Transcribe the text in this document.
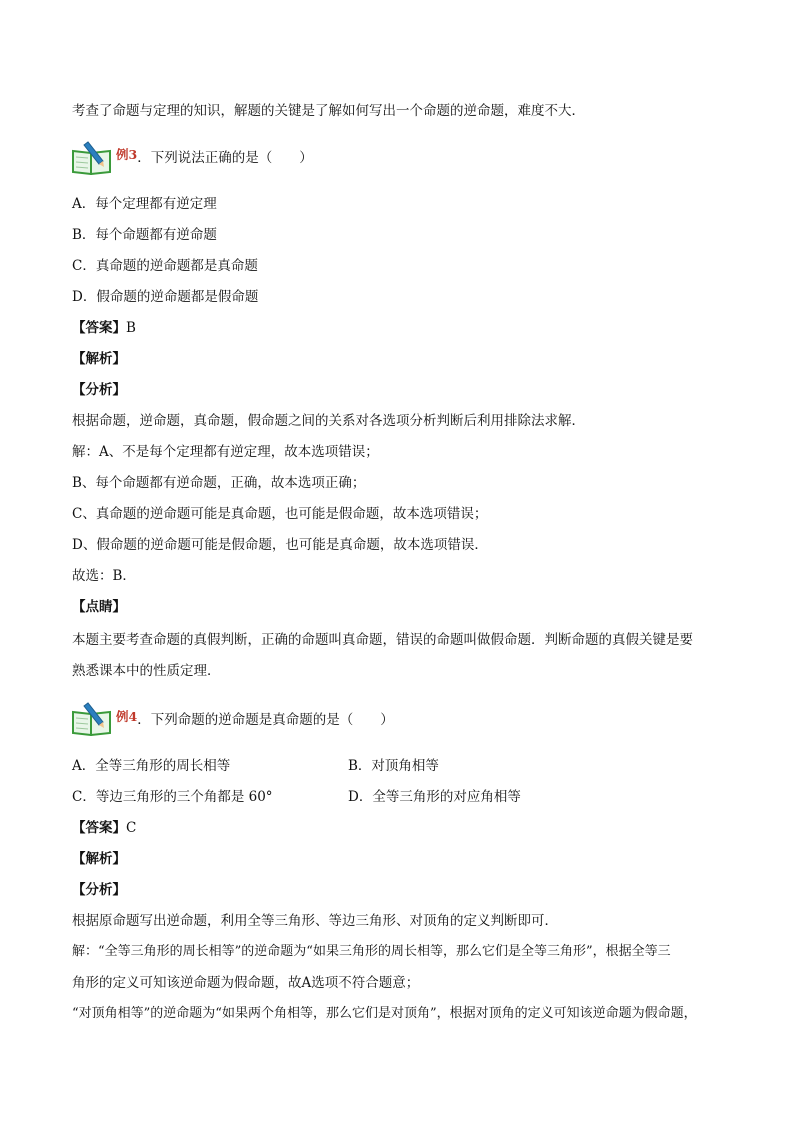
考查了命题与定理的知识，解题的关键是了解如何写出一个命题的逆命题，难度不大．
例3．下列说法正确的是（　　）
A．每个定理都有逆定理
B．每个命题都有逆命题
C．真命题的逆命题都是真命题
D．假命题的逆命题都是假命题
【答案】B
【解析】
【分析】
根据命题，逆命题，真命题，假命题之间的关系对各选项分析判断后利用排除法求解．
解：A、不是每个定理都有逆定理，故本选项错误；
B、每个命题都有逆命题，正确，故本选项正确；
C、真命题的逆命题可能是真命题，也可能是假命题，故本选项错误；
D、假命题的逆命题可能是假命题，也可能是真命题，故本选项错误．
故选：B．
【点睛】
本题主要考查命题的真假判断，正确的命题叫真命题，错误的命题叫做假命题．判断命题的真假关键是要
熟悉课本中的性质定理．
例4．下列命题的逆命题是真命题的是（　　）
A．全等三角形的周长相等	B．对顶角相等
C．等边三角形的三个角都是 60°	D．全等三角形的对应角相等
【答案】C
【解析】
【分析】
根据原命题写出逆命题，利用全等三角形、等边三角形、对顶角的定义判断即可．
解：“全等三角形的周长相等”的逆命题为“如果三角形的周长相等，那么它们是全等三角形”，根据全等三
角形的定义可知该逆命题为假命题，故A选项不符合题意；
“对顶角相等”的逆命题为“如果两个角相等，那么它们是对顶角”，根据对顶角的定义可知该逆命题为假命题，
